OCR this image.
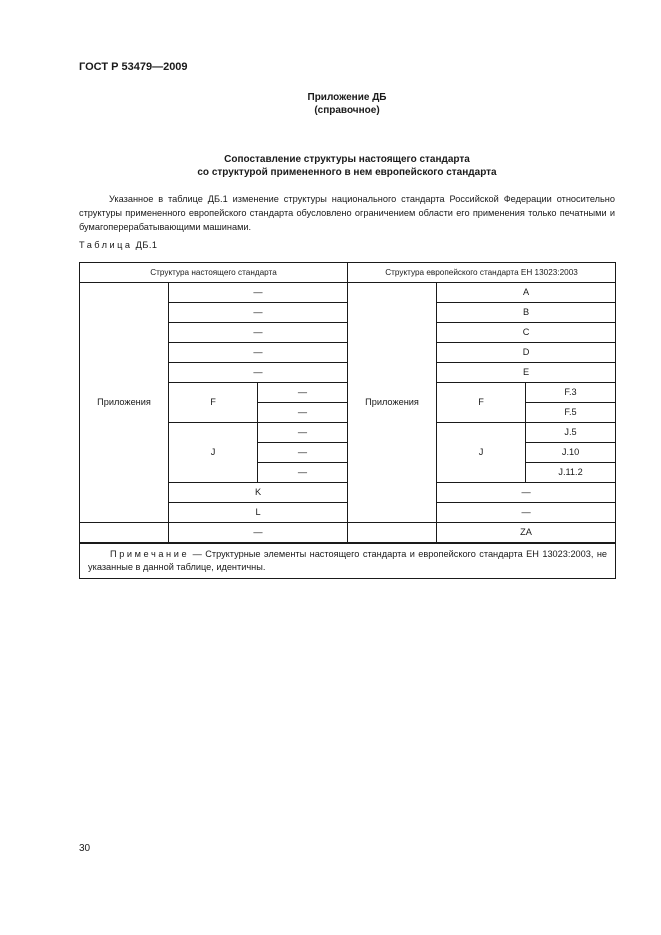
ГОСТ Р 53479—2009
Приложение ДБ
(справочное)
Сопоставление структуры настоящего стандарта
со структурой примененного в нем европейского стандарта
Указанное в таблице ДБ.1 изменение структуры национального стандарта Российской Федерации относительно структуры примененного европейского стандарта обусловлено ограничением области его применения только печатными и бумагоперерабатывающими машинами.
Таблица ДБ.1
Структура настоящего стандарта			Структура европейского стандарта ЕН 13023:2003		
Приложения	—		Приложения	A	
	—			B	
	—			C	
	—			D	
	—			E	
	F	—		F	F.3
		—			F.5
	J	—		J	J.5
		—			J.10
		—			J.11.2
	K			—	
	L			—	
	—			ZA	
Примечание — Структурные элементы настоящего стандарта и европейского стандарта ЕН 13023:2003, не указанные в данной таблице, идентичны.					
30
